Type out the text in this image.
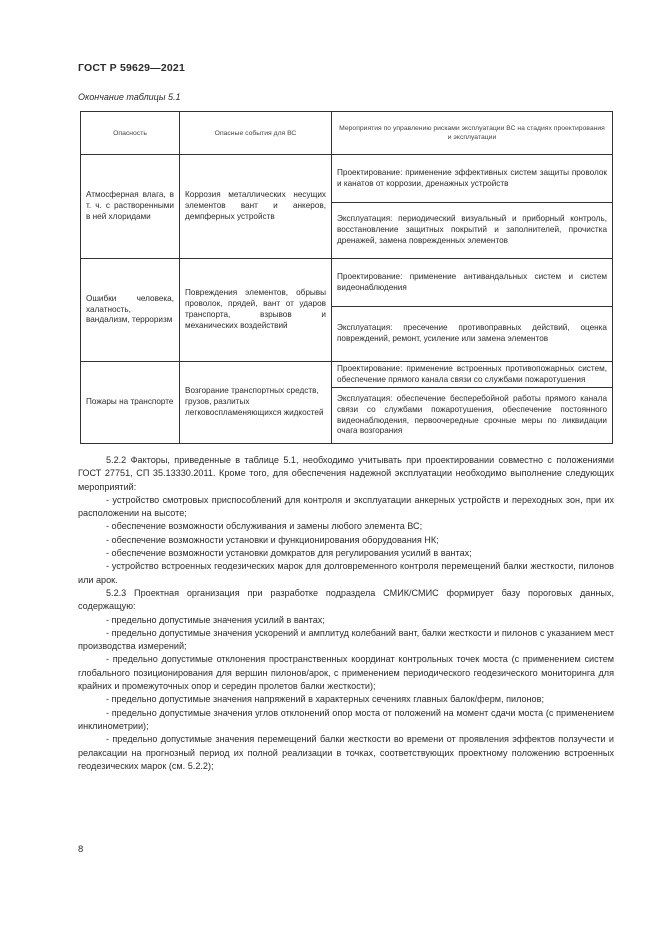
ГОСТ Р 59629—2021
Окончание таблицы 5.1
Опасность	Опасные события для ВС	Мероприятия по управлению рисками эксплуатации ВС на стадиях проектирования и эксплуатации
Атмосферная влага, в т. ч. с растворенными в ней хлоридами	Коррозия металлических несущих элементов вант и анкеров, демпферных устройств	Проектирование: применение эффективных систем защиты проволок и канатов от коррозии, дренажных устройств
		Эксплуатация: периодический визуальный и приборный контроль, восстановление защитных покрытий и заполнителей, прочистка дренажей, замена поврежденных элементов
Ошибки человека, халатность, вандализм, терроризм	Повреждения элементов, обрывы проволок, прядей, вант от ударов транспорта, взрывов и механических воздействий	Проектирование: применение антивандальных систем и систем видеонаблюдения
		Эксплуатация: пресечение противоправных действий, оценка повреждений, ремонт, усиление или замена элементов
Пожары на транспорте	Возгорание транспортных средств, грузов, разлитых легковоспламеняющихся жидкостей	Проектирование: применение встроенных противопожарных систем, обеспечение прямого канала связи со службами пожаротушения
		Эксплуатация: обеспечение бесперебойной работы прямого канала связи со службами пожаротушения, обеспечение постоянного видеонаблюдения, первоочередные срочные меры по ликвидации очага возгорания

5.2.2 Факторы, приведенные в таблице 5.1, необходимо учитывать при проектировании совместно с положениями ГОСТ 27751, СП 35.13330.2011. Кроме того, для обеспечения надежной эксплуатации необходимо выполнение следующих мероприятий:

- устройство смотровых приспособлений для контроля и эксплуатации анкерных устройств и переходных зон, при их расположении на высоте;

- обеспечение возможности обслуживания и замены любого элемента ВС;

- обеспечение возможности установки и функционирования оборудования НК;

- обеспечение возможности установки домкратов для регулирования усилий в вантах;

- устройство встроенных геодезических марок для долговременного контроля перемещений балки жесткости, пилонов или арок.

5.2.3 Проектная организация при разработке подраздела СМИК/СМИС формирует базу пороговых данных, содержащую:

- предельно допустимые значения усилий в вантах;

- предельно допустимые значения ускорений и амплитуд колебаний вант, балки жесткости и пилонов с указанием мест производства измерений;

- предельно допустимые отклонения пространственных координат контрольных точек моста (с применением систем глобального позиционирования для вершин пилонов/арок, с применением периодического геодезического мониторинга для крайних и промежуточных опор и середин пролетов балки жесткости);

- предельно допустимые значения напряжений в характерных сечениях главных балок/ферм, пилонов;

- предельно допустимые значения углов отклонений опор моста от положений на момент сдачи моста (с применением инклинометрии);

- предельно допустимые значения перемещений балки жесткости во времени от проявления эффектов ползучести и релаксации на прогнозный период их полной реализации в точках, соответствующих проектному положению встроенных геодезических марок (см. 5.2.2);

8
